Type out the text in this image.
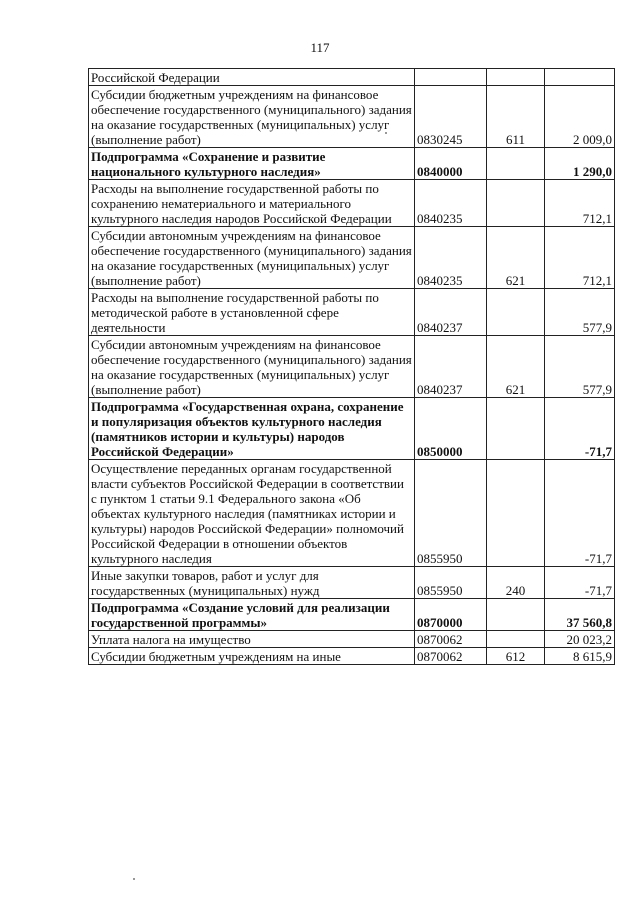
117
Российской Федерации			
Субсидии бюджетным учреждениям на финансовое обеспечение государственного (муниципального) задания на оказание государственных (муниципальных) услуг (выполнение работ)	0830245	611	2 009,0
Подпрограмма «Сохранение и развитие национального культурного наследия»	0840000		1 290,0
Расходы на выполнение государственной работы по сохранению нематериального и материального культурного наследия народов Российской Федерации	0840235		712,1
Субсидии автономным учреждениям на финансовое обеспечение государственного (муниципального) задания на оказание государственных (муниципальных) услуг (выполнение работ)	0840235	621	712,1
Расходы на выполнение государственной работы по методической работе в установленной сфере деятельности	0840237		577,9
Субсидии автономным учреждениям на финансовое обеспечение государственного (муниципального) задания на оказание государственных (муниципальных) услуг (выполнение работ)	0840237	621	577,9
Подпрограмма «Государственная охрана, сохранение и популяризация объектов культурного наследия (памятников истории и культуры) народов Российской Федерации»	0850000		-71,7
Осуществление переданных органам государственной власти субъектов Российской Федерации в соответствии с пунктом 1 статьи 9.1 Федерального закона «Об объектах культурного наследия (памятниках истории и культуры) народов Российской Федерации» полномочий Российской Федерации в отношении объектов культурного наследия	0855950		-71,7
Иные закупки товаров, работ и услуг для государственных (муниципальных) нужд	0855950	240	-71,7
Подпрограмма «Создание условий для реализации государственной программы»	0870000		37 560,8
Уплата налога на имущество	0870062		20 023,2
Субсидии бюджетным учреждениям на иные	0870062	612	8 615,9
